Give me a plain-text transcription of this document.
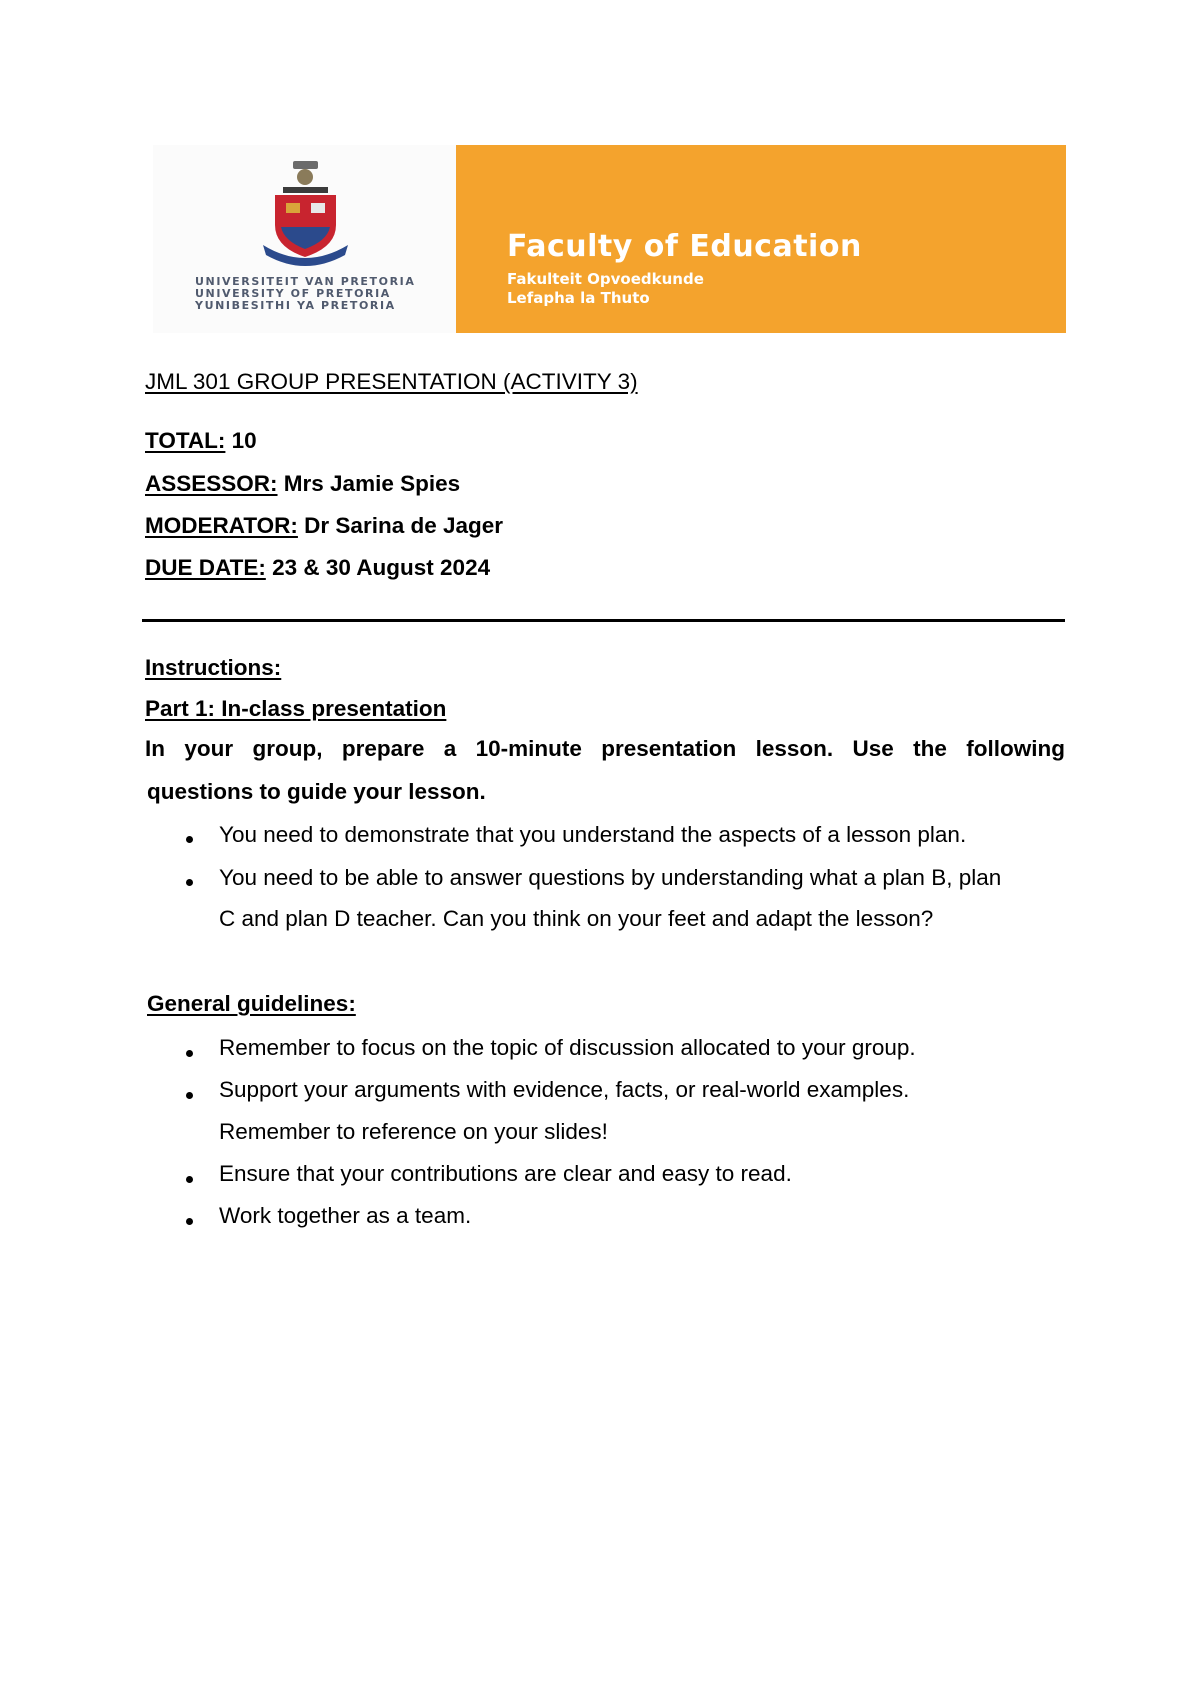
UNIVERSITEIT VAN PRETORIA
UNIVERSITY OF PRETORIA
YUNIBESITHI YA PRETORIA
Faculty of Education
Fakulteit Opvoedkunde
Lefapha la Thuto
JML 301 GROUP PRESENTATION (ACTIVITY 3)
TOTAL: 10
ASSESSOR: Mrs Jamie Spies
MODERATOR: Dr Sarina de Jager
DUE DATE: 23 & 30 August 2024
Instructions:
Part 1: In-class presentation
In your group, prepare a 10-minute presentation lesson. Use the following
questions to guide your lesson.
You need to demonstrate that you understand the aspects of a lesson plan.
You need to be able to answer questions by understanding what a plan B, plan
C and plan D teacher. Can you think on your feet and adapt the lesson?
General guidelines:
Remember to focus on the topic of discussion allocated to your group.
Support your arguments with evidence, facts, or real-world examples.
Remember to reference on your slides!
Ensure that your contributions are clear and easy to read.
Work together as a team.
